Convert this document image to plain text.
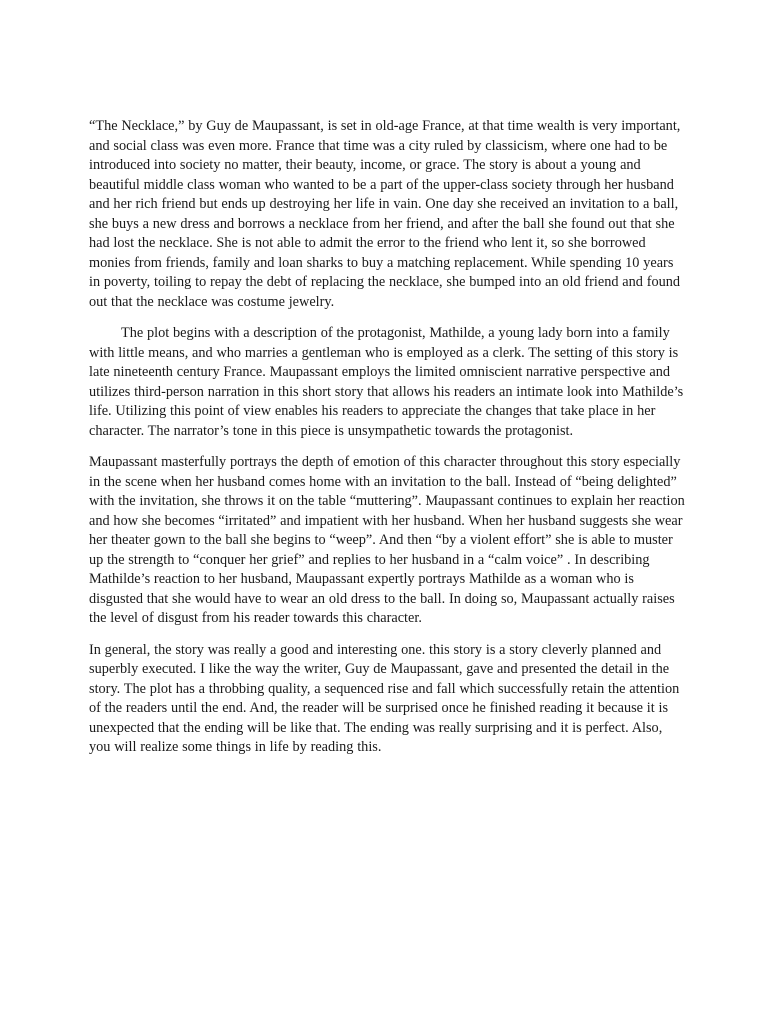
“The Necklace,” by Guy de Maupassant, is set in old-age France, at that time wealth is very important, and social class was even more. France that time was a city ruled by classicism, where one had to be introduced into society no matter, their beauty, income, or grace. The story is about a young and beautiful middle class woman who wanted to be a part of the upper-class society through her husband and her rich friend but ends up destroying her life in vain. One day she received an invitation to a ball, she buys a new dress and borrows a necklace from her friend, and after the ball she found out that she had lost the necklace. She is not able to admit the error to the friend who lent it, so she borrowed monies from friends, family and loan sharks to buy a matching replacement. While spending 10 years in poverty, toiling to repay the debt of replacing the necklace, she bumped into an old friend and found out that the necklace was costume jewelry.

The plot begins with a description of the protagonist, Mathilde, a young lady born into a family with little means, and who marries a gentleman who is employed as a clerk. The setting of this story is late nineteenth century France. Maupassant employs the limited omniscient narrative perspective and utilizes third-person narration in this short story that allows his readers an intimate look into Mathilde’s life. Utilizing this point of view enables his readers to appreciate the changes that take place in her character. The narrator’s tone in this piece is unsympathetic towards the protagonist.

Maupassant masterfully portrays the depth of emotion of this character throughout this story especially in the scene when her husband comes home with an invitation to the ball. Instead of “being delighted” with the invitation, she throws it on the table “muttering”. Maupassant continues to explain her reaction and how she becomes “irritated” and impatient with her husband. When her husband suggests she wear her theater gown to the ball she begins to “weep”. And then “by a violent effort” she is able to muster up the strength to “conquer her grief” and replies to her husband in a “calm voice” . In describing Mathilde’s reaction to her husband, Maupassant expertly portrays Mathilde as a woman who is disgusted that she would have to wear an old dress to the ball. In doing so, Maupassant actually raises the level of disgust from his reader towards this character.

In general, the story was really a good and interesting one. this story is a story cleverly planned and superbly executed. I like the way the writer, Guy de Maupassant, gave and presented the detail in the story. The plot has a throbbing quality, a sequenced rise and fall which successfully retain the attention of the readers until the end. And, the reader will be surprised once he finished reading it because it is unexpected that the ending will be like that. The ending was really surprising and it is perfect. Also, you will realize some things in life by reading this.
